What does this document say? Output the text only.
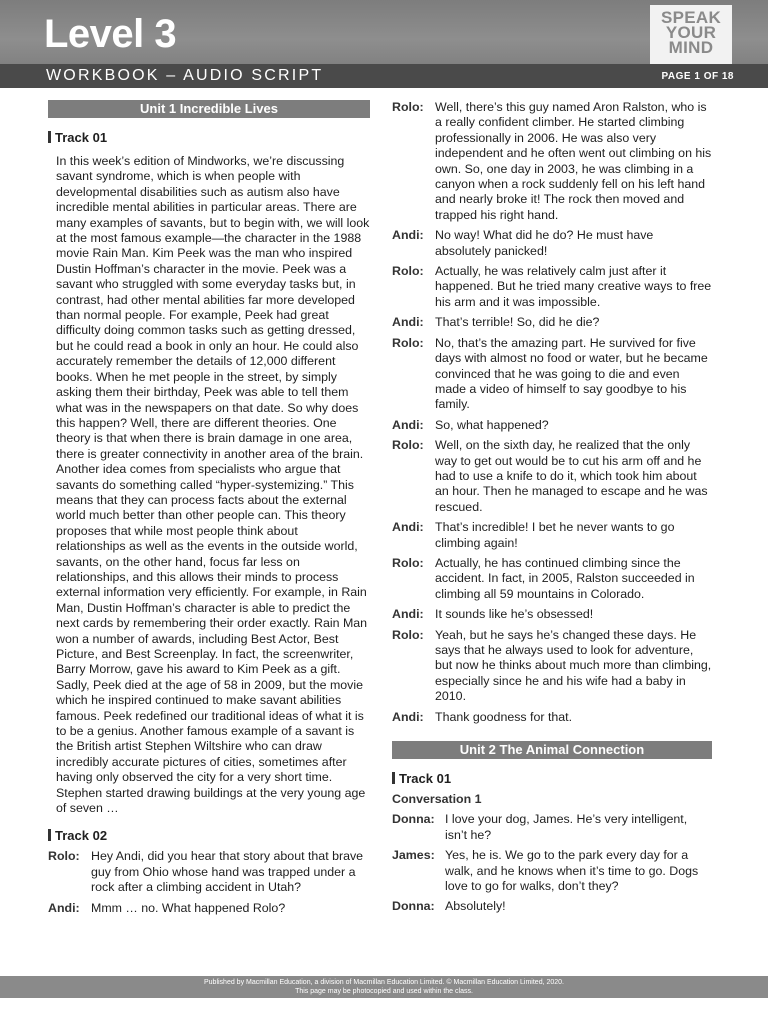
Level 3	SPEAK
YOUR
MIND
WORKBOOK – AUDIO SCRIPT	PAGE 1 OF 18
Unit 1 Incredible Lives
Track 01
In this week’s edition of Mindworks, we’re discussing savant syndrome, which is when people with developmental disabilities such as autism also have incredible mental abilities in particular areas. There are many examples of savants, but to begin with, we will look at the most famous example—the character in the 1988 movie Rain Man. Kim Peek was the man who inspired Dustin Hoffman’s character in the movie. Peek was a savant who struggled with some everyday tasks but, in contrast, had other mental abilities far more developed than normal people. For example, Peek had great difficulty doing common tasks such as getting dressed, but he could read a book in only an hour. He could also accurately remember the details of 12,000 different books. When he met people in the street, by simply asking them their birthday, Peek was able to tell them what was in the newspapers on that date. So why does this happen? Well, there are different theories. One theory is that when there is brain damage in one area, there is greater connectivity in another area of the brain. Another idea comes from specialists who argue that savants do something called “hyper-systemizing.” This means that they can process facts about the external world much better than other people can. This theory proposes that while most people think about relationships as well as the events in the outside world, savants, on the other hand, focus far less on relationships, and this allows their minds to process external information very efficiently. For example, in Rain Man, Dustin Hoffman’s character is able to predict the next cards by remembering their order exactly. Rain Man won a number of awards, including Best Actor, Best Picture, and Best Screenplay. In fact, the screenwriter, Barry Morrow, gave his award to Kim Peek as a gift. Sadly, Peek died at the age of 58 in 2009, but the movie which he inspired continued to make savant abilities famous. Peek redefined our traditional ideas of what it is to be a genius. Another famous example of a savant is the British artist Stephen Wiltshire who can draw incredibly accurate pictures of cities, sometimes after having only observed the city for a very short time. Stephen started drawing buildings at the very young age of seven …
Track 02
Rolo: Hey Andi, did you hear that story about that brave guy from Ohio whose hand was trapped under a rock after a climbing accident in Utah?
Andi: Mmm … no. What happened Rolo?
Rolo: Well, there’s this guy named Aron Ralston, who is a really confident climber. He started climbing professionally in 2006. He was also very independent and he often went out climbing on his own. So, one day in 2003, he was climbing in a canyon when a rock suddenly fell on his left hand and nearly broke it! The rock then moved and trapped his right hand.
Andi: No way! What did he do? He must have absolutely panicked!
Rolo: Actually, he was relatively calm just after it happened. But he tried many creative ways to free his arm and it was impossible.
Andi: That’s terrible! So, did he die?
Rolo: No, that’s the amazing part. He survived for five days with almost no food or water, but he became convinced that he was going to die and even made a video of himself to say goodbye to his family.
Andi: So, what happened?
Rolo: Well, on the sixth day, he realized that the only way to get out would be to cut his arm off and he had to use a knife to do it, which took him about an hour. Then he managed to escape and he was rescued.
Andi: That’s incredible! I bet he never wants to go climbing again!
Rolo: Actually, he has continued climbing since the accident. In fact, in 2005, Ralston succeeded in climbing all 59 mountains in Colorado.
Andi: It sounds like he’s obsessed!
Rolo: Yeah, but he says he’s changed these days. He says that he always used to look for adventure, but now he thinks about much more than climbing, especially since he and his wife had a baby in 2010.
Andi: Thank goodness for that.
Unit 2 The Animal Connection
Track 01
Conversation 1
Donna: I love your dog, James. He’s very intelligent, isn’t he?
James: Yes, he is. We go to the park every day for a walk, and he knows when it’s time to go. Dogs love to go for walks, don’t they?
Donna: Absolutely!
Published by Macmillan Education, a division of Macmillan Education Limited. © Macmillan Education Limited, 2020.
This page may be photocopied and used within the class.
